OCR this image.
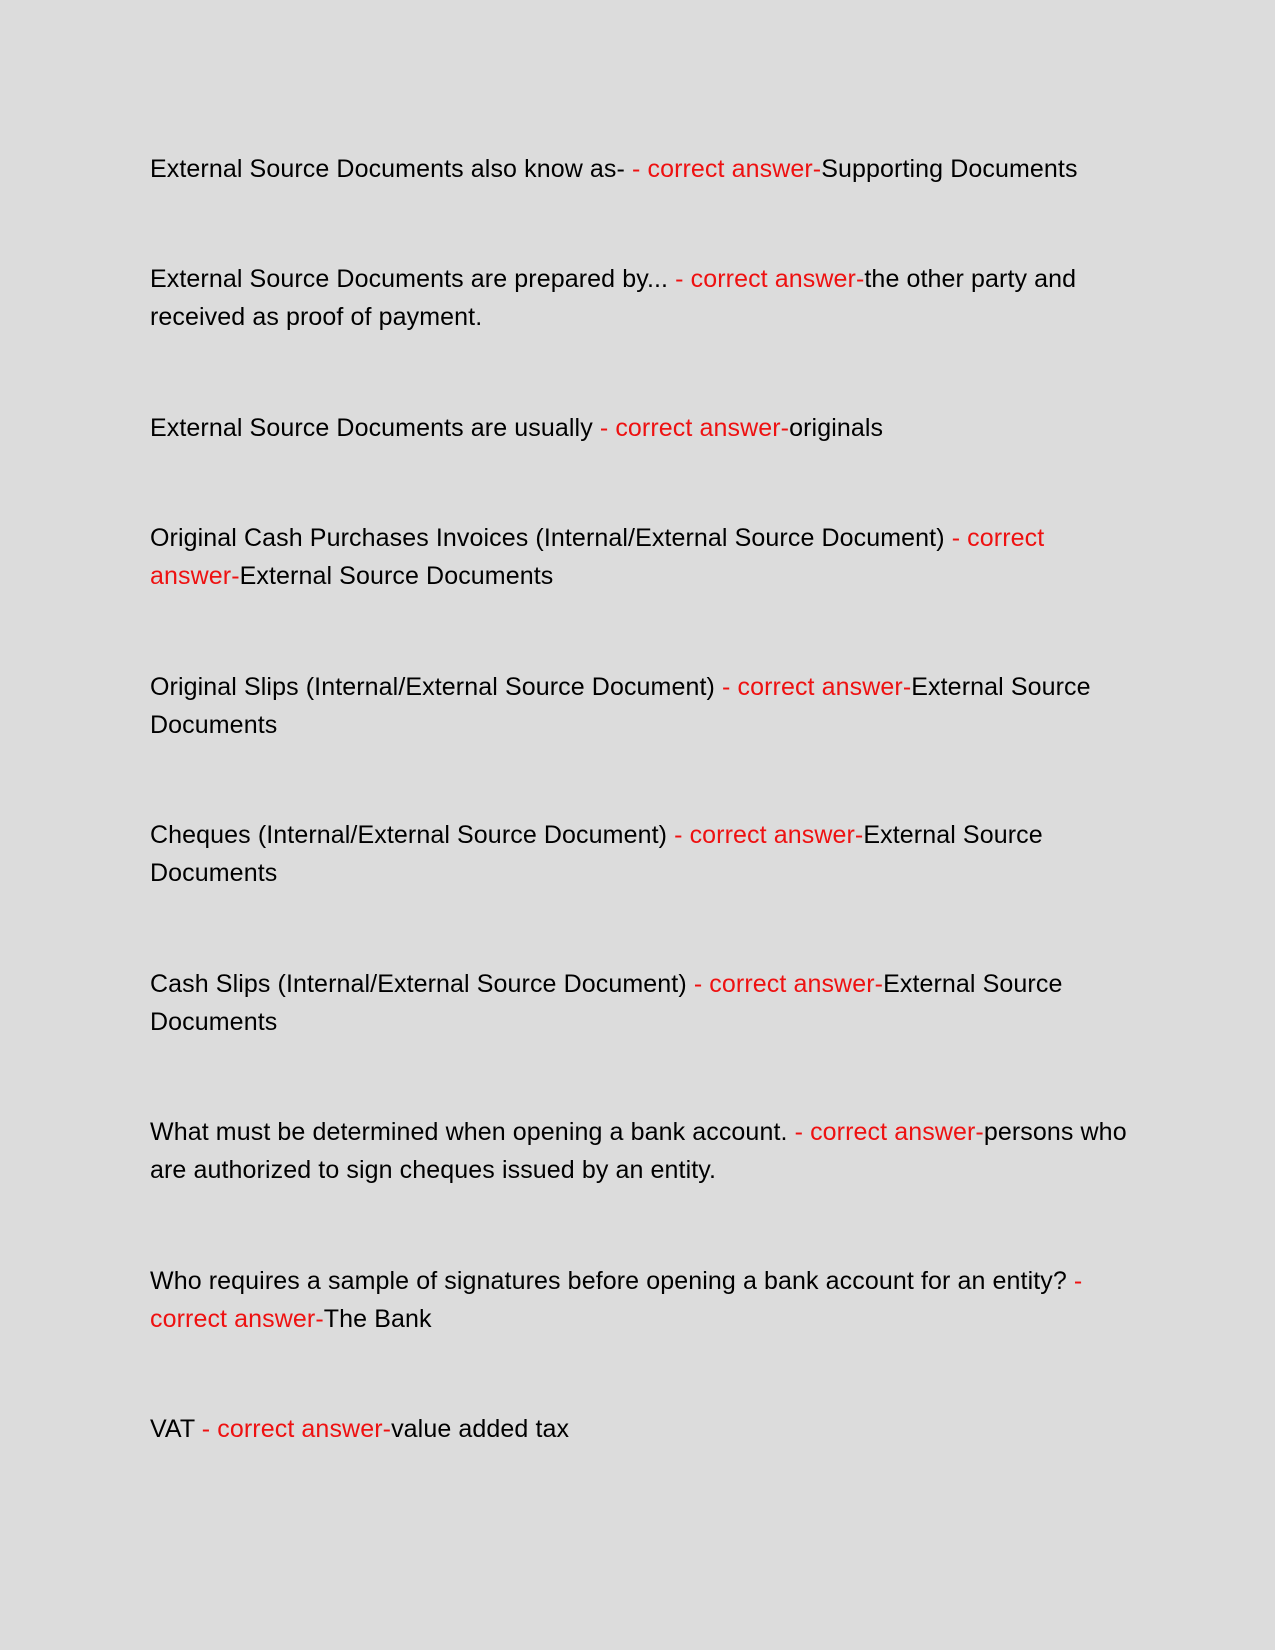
External Source Documents also know as- - correct answer-Supporting Documents

External Source Documents are prepared by... - correct answer-the other party and received as proof of payment.

External Source Documents are usually - correct answer-originals

Original Cash Purchases Invoices (Internal/External Source Document) - correct answer-External Source Documents

Original Slips (Internal/External Source Document) - correct answer-External Source Documents

Cheques (Internal/External Source Document) - correct answer-External Source Documents

Cash Slips (Internal/External Source Document) - correct answer-External Source Documents

What must be determined when opening a bank account. - correct answer-persons who are authorized to sign cheques issued by an entity.

Who requires a sample of signatures before opening a bank account for an entity? - correct answer-The Bank

VAT - correct answer-value added tax
